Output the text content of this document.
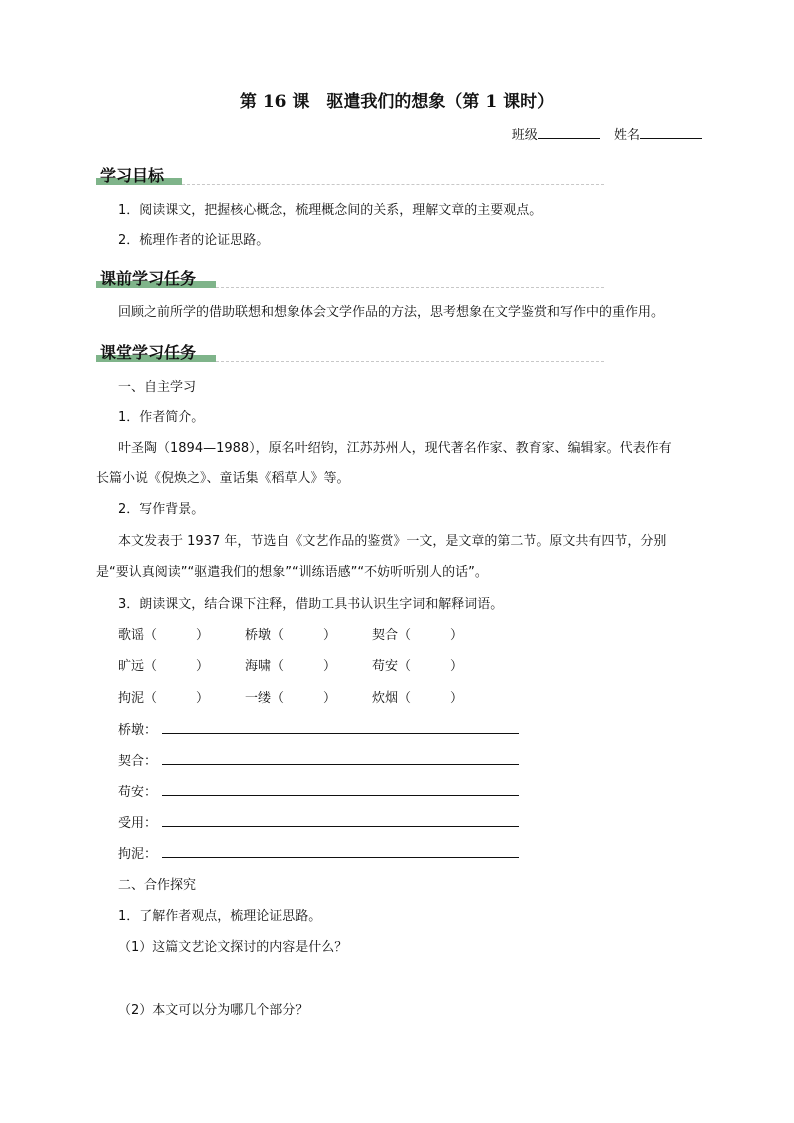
第 16 课　驱遣我们的想象（第 1 课时）
班级	姓名
学习目标
1．阅读课文，把握核心概念，梳理概念间的关系，理解文章的主要观点。
2．梳理作者的论证思路。
课前学习任务
回顾之前所学的借助联想和想象体会文学作品的方法，思考想象在文学鉴赏和写作中的重作用。
课堂学习任务
一、自主学习
1．作者简介。
叶圣陶（1894—1988），原名叶绍钧，江苏苏州人，现代著名作家、教育家、编辑家。代表作有
长篇小说《倪焕之》、童话集《稻草人》等。
2．写作背景。
本文发表于 1937 年，节选自《文艺作品的鉴赏》一文，是文章的第二节。原文共有四节，分别
是“要认真阅读”“驱遣我们的想象”“训练语感”“不妨听听别人的话”。
3．朗读课文，结合课下注释，借助工具书认识生字词和解释词语。
歌谣（　　　）	桥墩（　　　）	契合（　　　）
旷远（　　　）	海啸（　　　）	苟安（　　　）
拘泥（　　　）	一缕（　　　）	炊烟（　　　）
桥墩：
契合：
苟安：
受用：
拘泥：
二、合作探究
1．了解作者观点，梳理论证思路。
（1）这篇文艺论文探讨的内容是什么？
（2）本文可以分为哪几个部分？
